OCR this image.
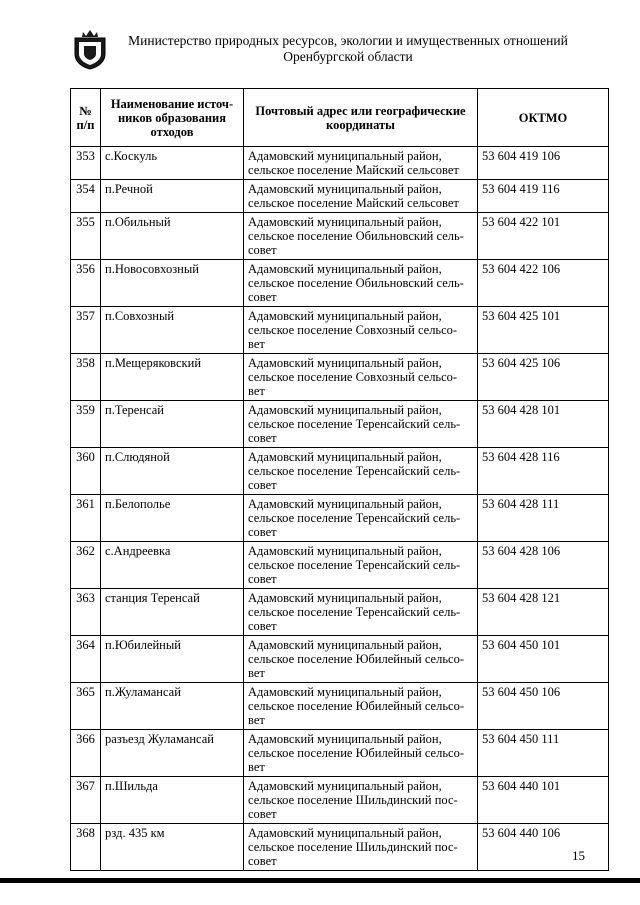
Министерство природных ресурсов, экологии и имущественных отношений
Оренбургской области
№ п/п	Наименование источ-ников образования отходов	Почтовый адрес или географические координаты	ОКТМО
353	с.Коскуль	Адамовский муниципальный район, сельское поселение Майский сельсовет	53 604 419 106
354	п.Речной	Адамовский муниципальный район, сельское поселение Майский сельсовет	53 604 419 116
355	п.Обильный	Адамовский муниципальный район, сельское поселение Обильновский сель-совет	53 604 422 101
356	п.Новосовхозный	Адамовский муниципальный район, сельское поселение Обильновский сель-совет	53 604 422 106
357	п.Совхозный	Адамовский муниципальный район, сельское поселение Совхозный сельсо-вет	53 604 425 101
358	п.Мещеряковский	Адамовский муниципальный район, сельское поселение Совхозный сельсо-вет	53 604 425 106
359	п.Теренсай	Адамовский муниципальный район, сельское поселение Теренсайский сель-совет	53 604 428 101
360	п.Слюдяной	Адамовский муниципальный район, сельское поселение Теренсайский сель-совет	53 604 428 116
361	п.Белополье	Адамовский муниципальный район, сельское поселение Теренсайский сель-совет	53 604 428 111
362	с.Андреевка	Адамовский муниципальный район, сельское поселение Теренсайский сель-совет	53 604 428 106
363	станция Теренсай	Адамовский муниципальный район, сельское поселение Теренсайский сель-совет	53 604 428 121
364	п.Юбилейный	Адамовский муниципальный район, сельское поселение Юбилейный сельсо-вет	53 604 450 101
365	п.Жуламансай	Адамовский муниципальный район, сельское поселение Юбилейный сельсо-вет	53 604 450 106
366	разъезд Жуламансай	Адамовский муниципальный район, сельское поселение Юбилейный сельсо-вет	53 604 450 111
367	п.Шильда	Адамовский муниципальный район, сельское поселение Шильдинский пос-совет	53 604 440 101
368	рзд. 435 км	Адамовский муниципальный район, сельское поселение Шильдинский пос-совет	53 604 440 106
15
